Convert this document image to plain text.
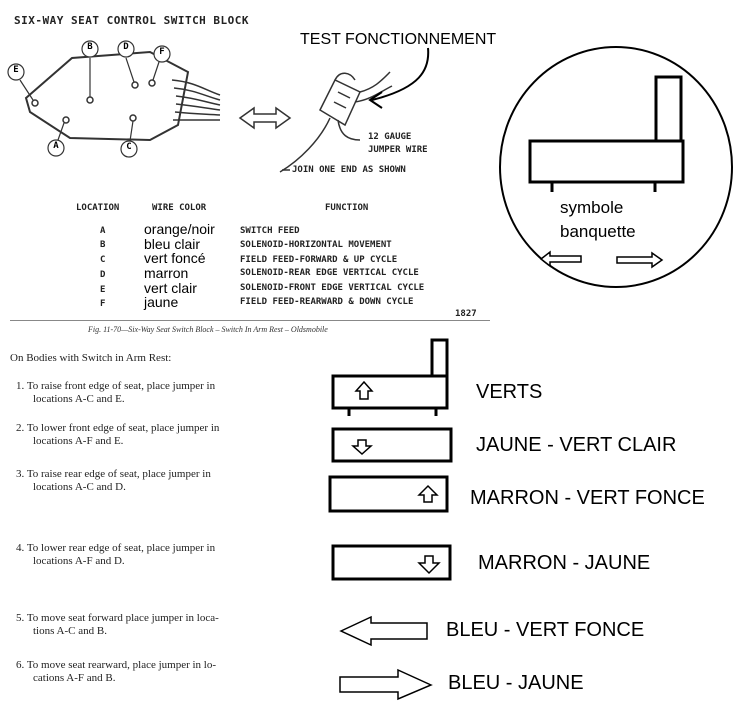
SIX-WAY SEAT CONTROL SWITCH BLOCK
E
B	D	F
A	C
TEST FONCTIONNEMENT
12 GAUGE
JUMPER WIRE
JOIN ONE END AS SHOWN
LOCATION	WIRE COLOR	FUNCTION
A	orange/noir	SWITCH FEED
B	bleu clair	SOLENOID-HORIZONTAL MOVEMENT
C	vert foncé	FIELD FEED-FORWARD & UP CYCLE
D	marron	SOLENOID-REAR EDGE VERTICAL CYCLE
E	vert clair	SOLENOID-FRONT EDGE VERTICAL CYCLE
F	jaune	FIELD FEED-REARWARD & DOWN CYCLE
1827
Fig. 11-70—Six-Way Seat Switch Block – Switch In Arm Rest – Oldsmobile
symbole
banquette
On Bodies with Switch in Arm Rest:
1. To raise front edge of seat, place jumper in
locations A-C and E.
2. To lower front edge of seat, place jumper in
locations A-F and E.
3. To raise rear edge of seat, place jumper in
locations A-C and D.
4. To lower rear edge of seat, place jumper in
locations A-F and D.
5. To move seat forward place jumper in loca-
tions A-C and B.
6. To move seat rearward, place jumper in lo-
cations A-F and B.
VERTS
JAUNE - VERT CLAIR
MARRON - VERT FONCE
MARRON - JAUNE
BLEU - VERT FONCE
BLEU - JAUNE
